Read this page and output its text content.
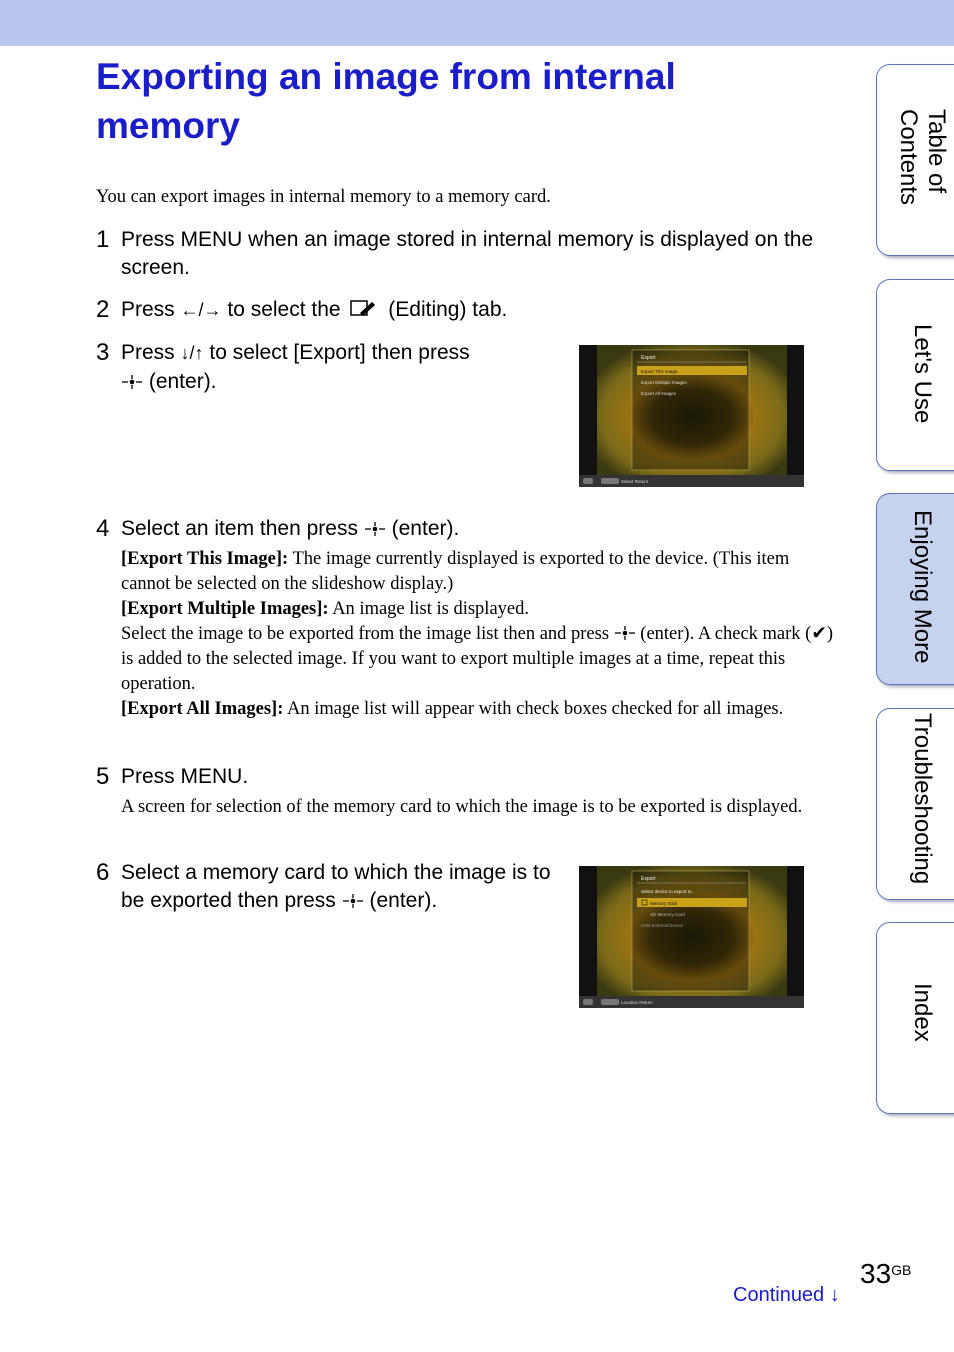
Exporting an image from internal memory
You can export images in internal memory to a memory card.
1 Press MENU when an image stored in internal memory is displayed on the screen.
2 Press ←/→ to select the  (Editing) tab.
3 Press ↓/↑ to select [Export] then press
(enter).
Export
Export This Image
Export Multiple Images
Export All Images
Select Return
4 Select an item then press  (enter).
[Export This Image]: The image currently displayed is exported to the device. (This item cannot be selected on the slideshow display.)
[Export Multiple Images]: An image list is displayed.
Select the image to be exported from the image list then and press  (enter). A check mark (✔) is added to the selected image. If you want to export multiple images at a time, repeat this operation.
[Export All Images]: An image list will appear with check boxes checked for all images.
5 Press MENU.
A screen for selection of the memory card to which the image is to be exported is displayed.
6 Select a memory card to which the image is to be exported then press  (enter).
Export
Select device to export to.
Memory Stick
SD Memory Card
USB External Device
Location Return
Table of Contents
Let's Use
Enjoying More
Troubleshooting
Index
$33^{GB}$
Continued ↓
